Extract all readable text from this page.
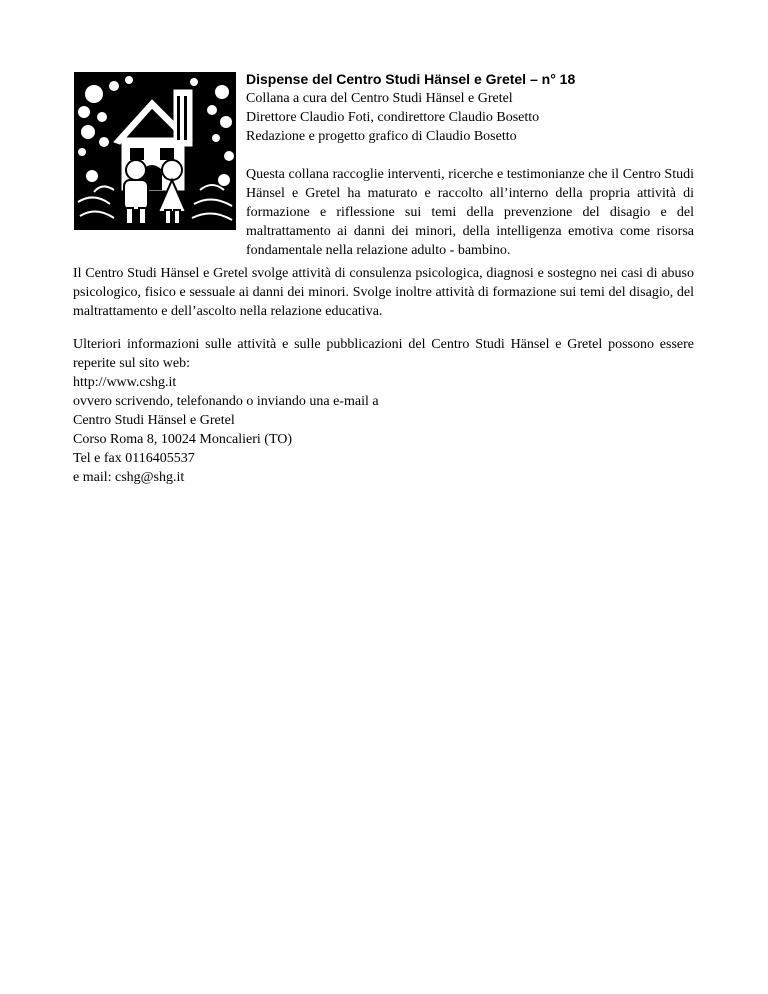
Dispense del Centro Studi Hänsel e Gretel – n° 18
Collana a cura del Centro Studi Hänsel e Gretel
Direttore Claudio Foti, condirettore Claudio Bosetto
Redazione e progetto grafico di Claudio Bosetto
Questa collana raccoglie interventi, ricerche e testimonianze che il Centro Studi Hänsel e Gretel ha maturato e raccolto all’interno della propria attività di formazione e riflessione sui temi della prevenzione del disagio e del maltrattamento ai danni dei minori, della intelligenza emotiva come risorsa fondamentale nella relazione adulto - bambino.
Il Centro Studi Hänsel e Gretel svolge attività di consulenza psicologica, diagnosi e sostegno nei casi di abuso psicologico, fisico e sessuale ai danni dei minori. Svolge inoltre attività di formazione sui temi del disagio, del maltrattamento e dell’ascolto nella relazione educativa.
Ulteriori informazioni sulle attività e sulle pubblicazioni del Centro Studi Hänsel e Gretel possono essere reperite sul sito web:
http://www.cshg.it
ovvero scrivendo, telefonando o inviando una e-mail a
Centro Studi Hänsel e Gretel
Corso Roma 8, 10024 Moncalieri (TO)
Tel e fax 0116405537
e mail: cshg@shg.it
